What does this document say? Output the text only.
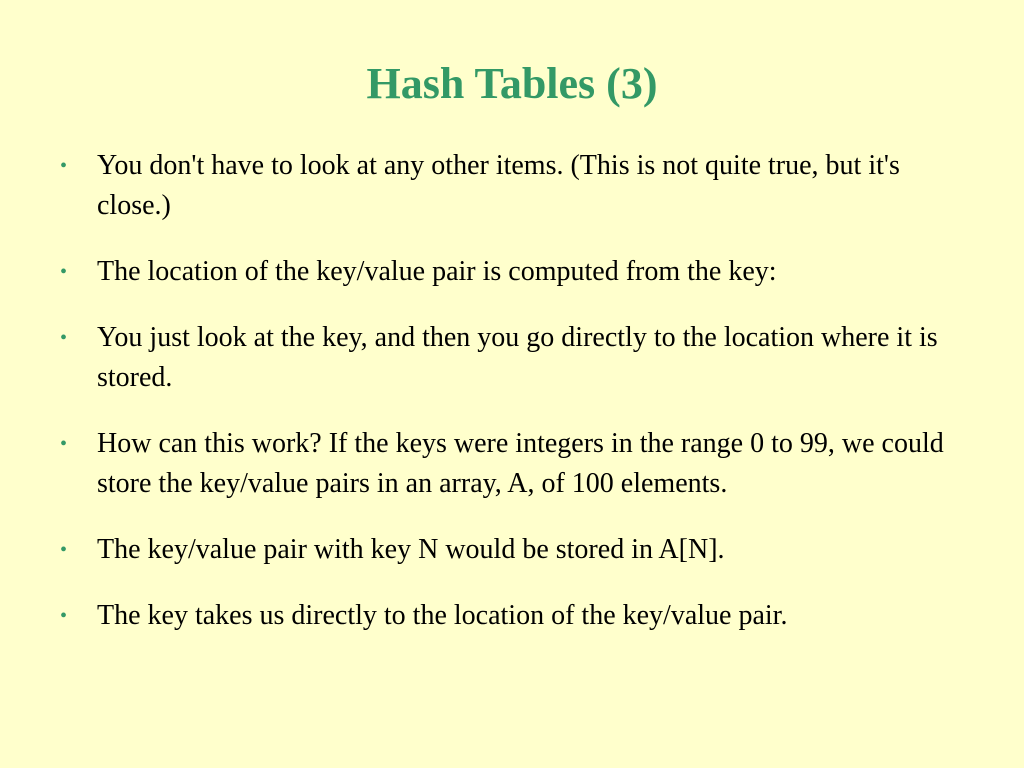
Hash Tables (3)
•	You don't have to look at any other items. (This is not quite true, but it's close.)
•	The location of the key/value pair is computed from the key:
•	You just look at the key, and then you go directly to the location where it is stored.
•	How can this work? If the keys were integers in the range 0 to 99, we could store the key/value pairs in an array, A, of 100 elements.
•	The key/value pair with key N would be stored in A[N].
•	The key takes us directly to the location of the key/value pair.
